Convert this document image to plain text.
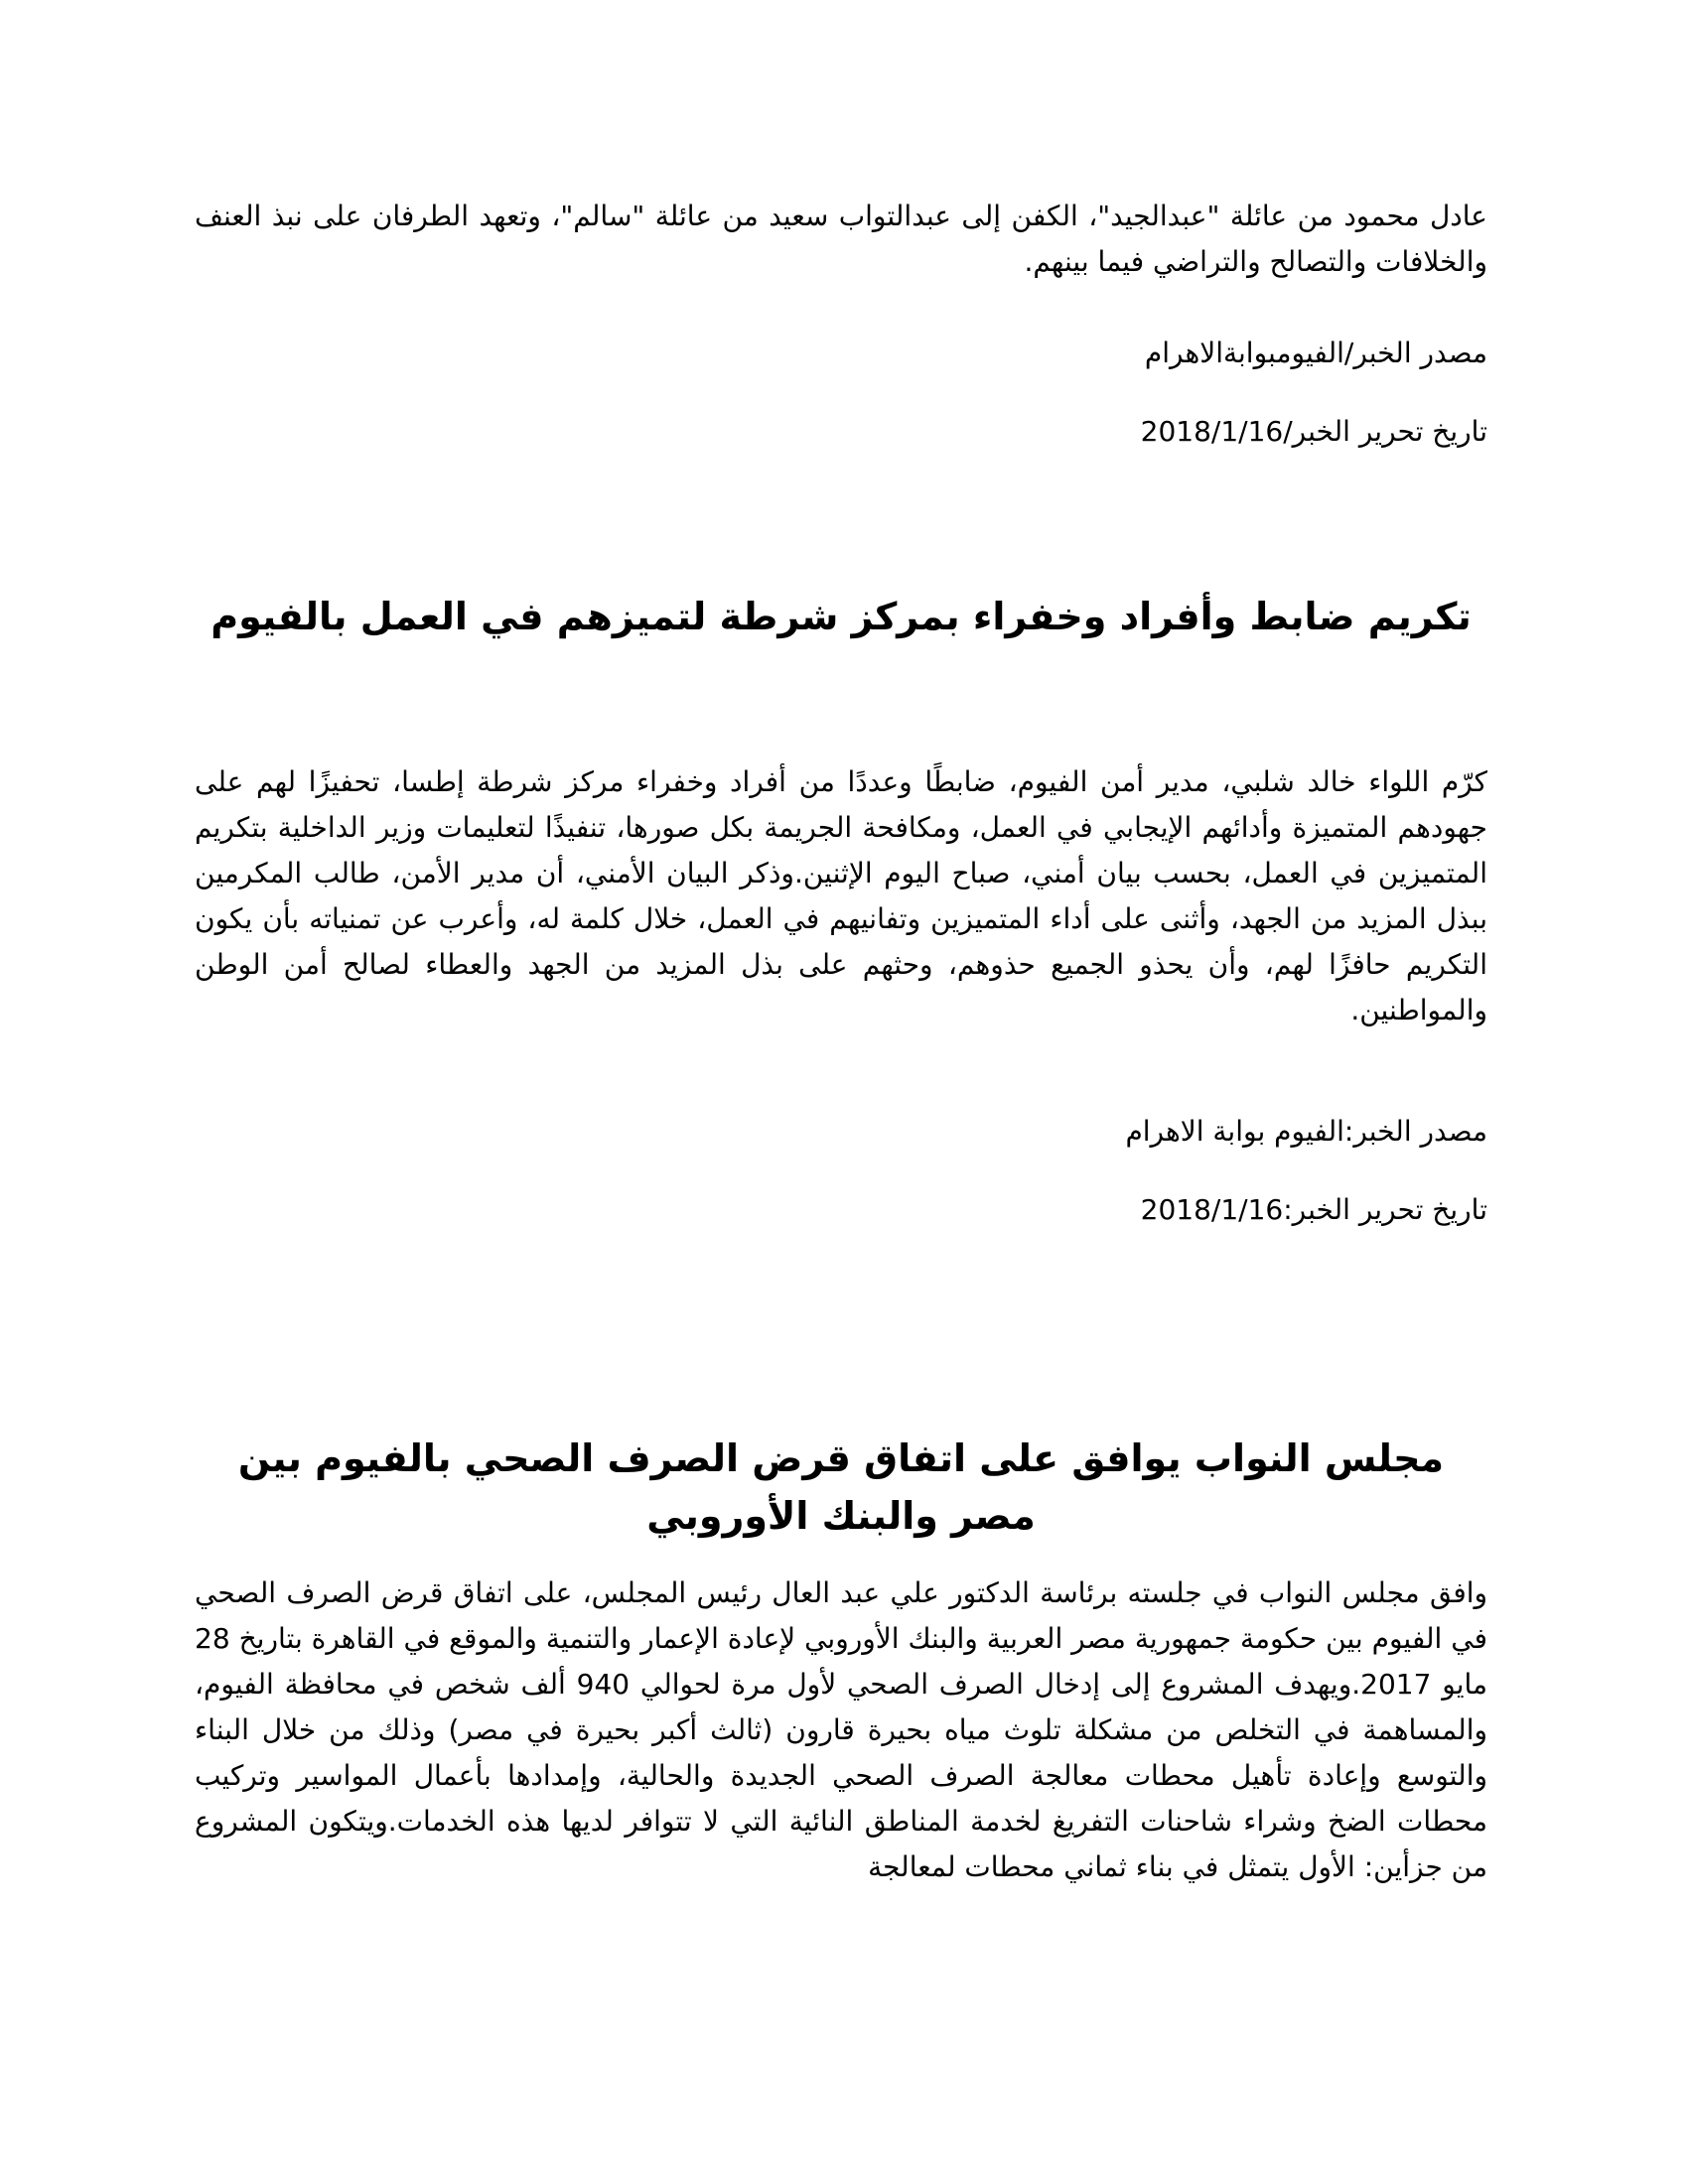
عادل محمود من عائلة "عبدالجيد"، الكفن إلى عبدالتواب سعيد من عائلة "سالم"، وتعهد الطرفان على نبذ العنف والخلافات والتصالح والتراضي فيما بينهم.

مصدر الخبر/الفيومبوابةالاهرام

تاريخ تحرير الخبر/2018/1/16

تكريم ضابط وأفراد وخفراء بمركز شرطة لتميزهم في العمل بالفيوم

كرّم اللواء خالد شلبي، مدير أمن الفيوم، ضابطًا وعددًا من أفراد وخفراء مركز شرطة إطسا، تحفيزًا لهم على جهودهم المتميزة وأدائهم الإيجابي في العمل، ومكافحة الجريمة بكل صورها، تنفيذًا لتعليمات وزير الداخلية بتكريم المتميزين في العمل، بحسب بيان أمني، صباح اليوم الإثنين.وذكر البيان الأمني، أن مدير الأمن، طالب المكرمين ببذل المزيد من الجهد، وأثنى على أداء المتميزين وتفانيهم في العمل، خلال كلمة له، وأعرب عن تمنياته بأن يكون التكريم حافزًا لهم، وأن يحذو الجميع حذوهم، وحثهم على بذل المزيد من الجهد والعطاء لصالح أمن الوطن والمواطنين.

مصدر الخبر:الفيوم بوابة الاهرام

تاريخ تحرير الخبر:2018/1/16

مجلس النواب يوافق على اتفاق قرض الصرف الصحي بالفيوم بين مصر والبنك الأوروبي

وافق مجلس النواب في جلسته برئاسة الدكتور علي عبد العال رئيس المجلس، على اتفاق قرض الصرف الصحي في الفيوم بين حكومة جمهورية مصر العربية والبنك الأوروبي لإعادة الإعمار والتنمية والموقع في القاهرة بتاريخ 28 مايو 2017.ويهدف المشروع إلى إدخال الصرف الصحي لأول مرة لحوالي 940 ألف شخص في محافظة الفيوم، والمساهمة في التخلص من مشكلة تلوث مياه بحيرة قارون (ثالث أكبر بحيرة في مصر) وذلك من خلال البناء والتوسع وإعادة تأهيل محطات معالجة الصرف الصحي الجديدة والحالية، وإمدادها بأعمال المواسير وتركيب محطات الضخ وشراء شاحنات التفريغ لخدمة المناطق النائية التي لا تتوافر لديها هذه الخدمات.ويتكون المشروع من جزأين: الأول يتمثل في بناء ثماني محطات لمعالجة
